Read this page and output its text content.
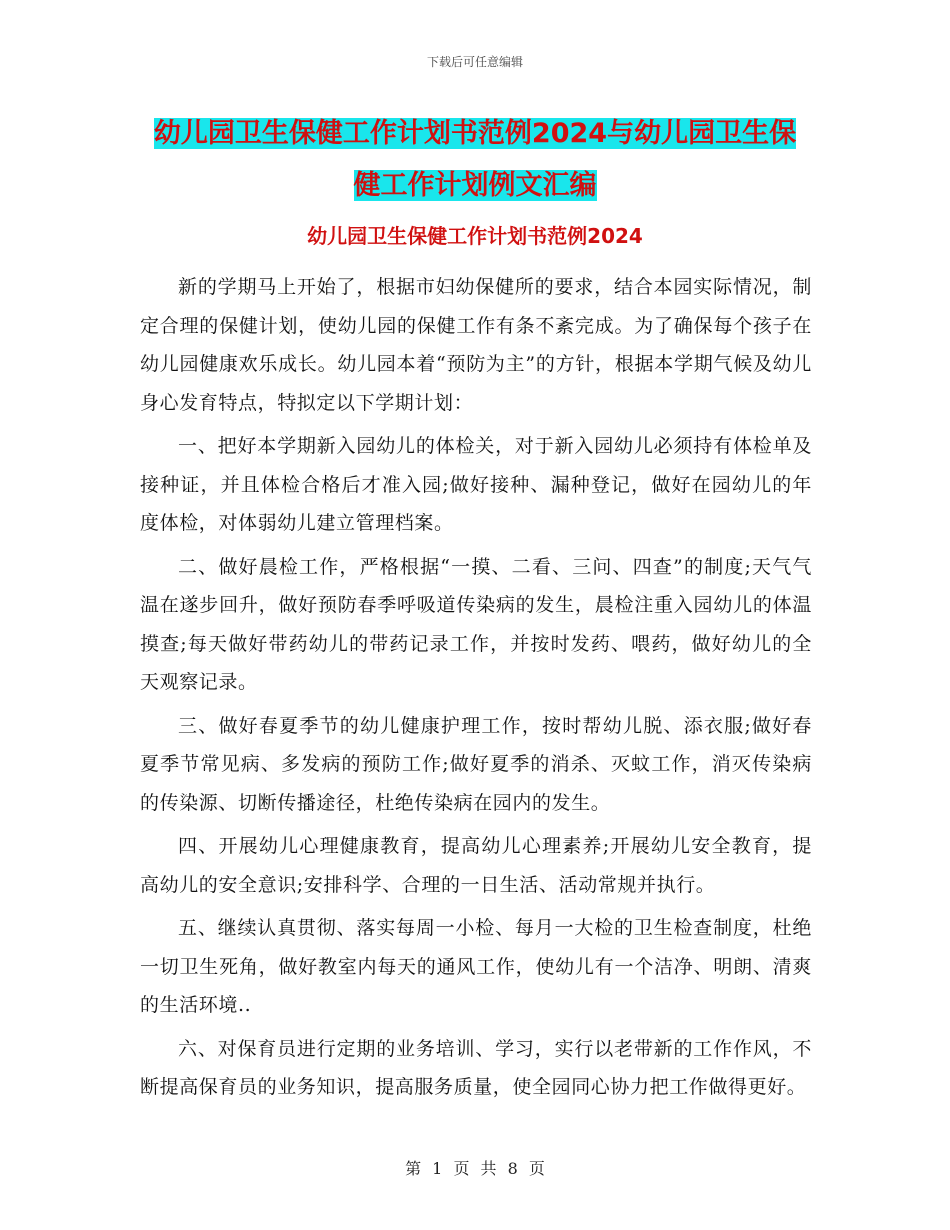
下载后可任意编辑
幼儿园卫生保健工作计划书范例2024与幼儿园卫生保
健工作计划例文汇编
幼儿园卫生保健工作计划书范例2024

新的学期马上开始了，根据市妇幼保健所的要求，结合本园实际情况，制定合理的保健计划，使幼儿园的保健工作有条不紊完成。为了确保每个孩子在幼儿园健康欢乐成长。幼儿园本着“预防为主”的方针，根据本学期气候及幼儿身心发育特点，特拟定以下学期计划：

一、把好本学期新入园幼儿的体检关，对于新入园幼儿必须持有体检单及接种证，并且体检合格后才准入园;做好接种、漏种登记，做好在园幼儿的年度体检，对体弱幼儿建立管理档案。

二、做好晨检工作，严格根据“一摸、二看、三问、四查”的制度;天气气温在遂步回升，做好预防春季呼吸道传染病的发生，晨检注重入园幼儿的体温摸查;每天做好带药幼儿的带药记录工作，并按时发药、喂药，做好幼儿的全天观察记录。

三、做好春夏季节的幼儿健康护理工作，按时帮幼儿脱、添衣服;做好春夏季节常见病、多发病的预防工作;做好夏季的消杀、灭蚊工作，消灭传染病的传染源、切断传播途径，杜绝传染病在园内的发生。

四、开展幼儿心理健康教育，提高幼儿心理素养;开展幼儿安全教育，提高幼儿的安全意识;安排科学、合理的一日生活、活动常规并执行。

五、继续认真贯彻、落实每周一小检、每月一大检的卫生检查制度，杜绝一切卫生死角，做好教室内每天的通风工作，使幼儿有一个洁净、明朗、清爽的生活环境..

六、对保育员进行定期的业务培训、学习，实行以老带新的工作作风，不断提高保育员的业务知识，提高服务质量，使全园同心协力把工作做得更好。

第 1 页 共 8 页
